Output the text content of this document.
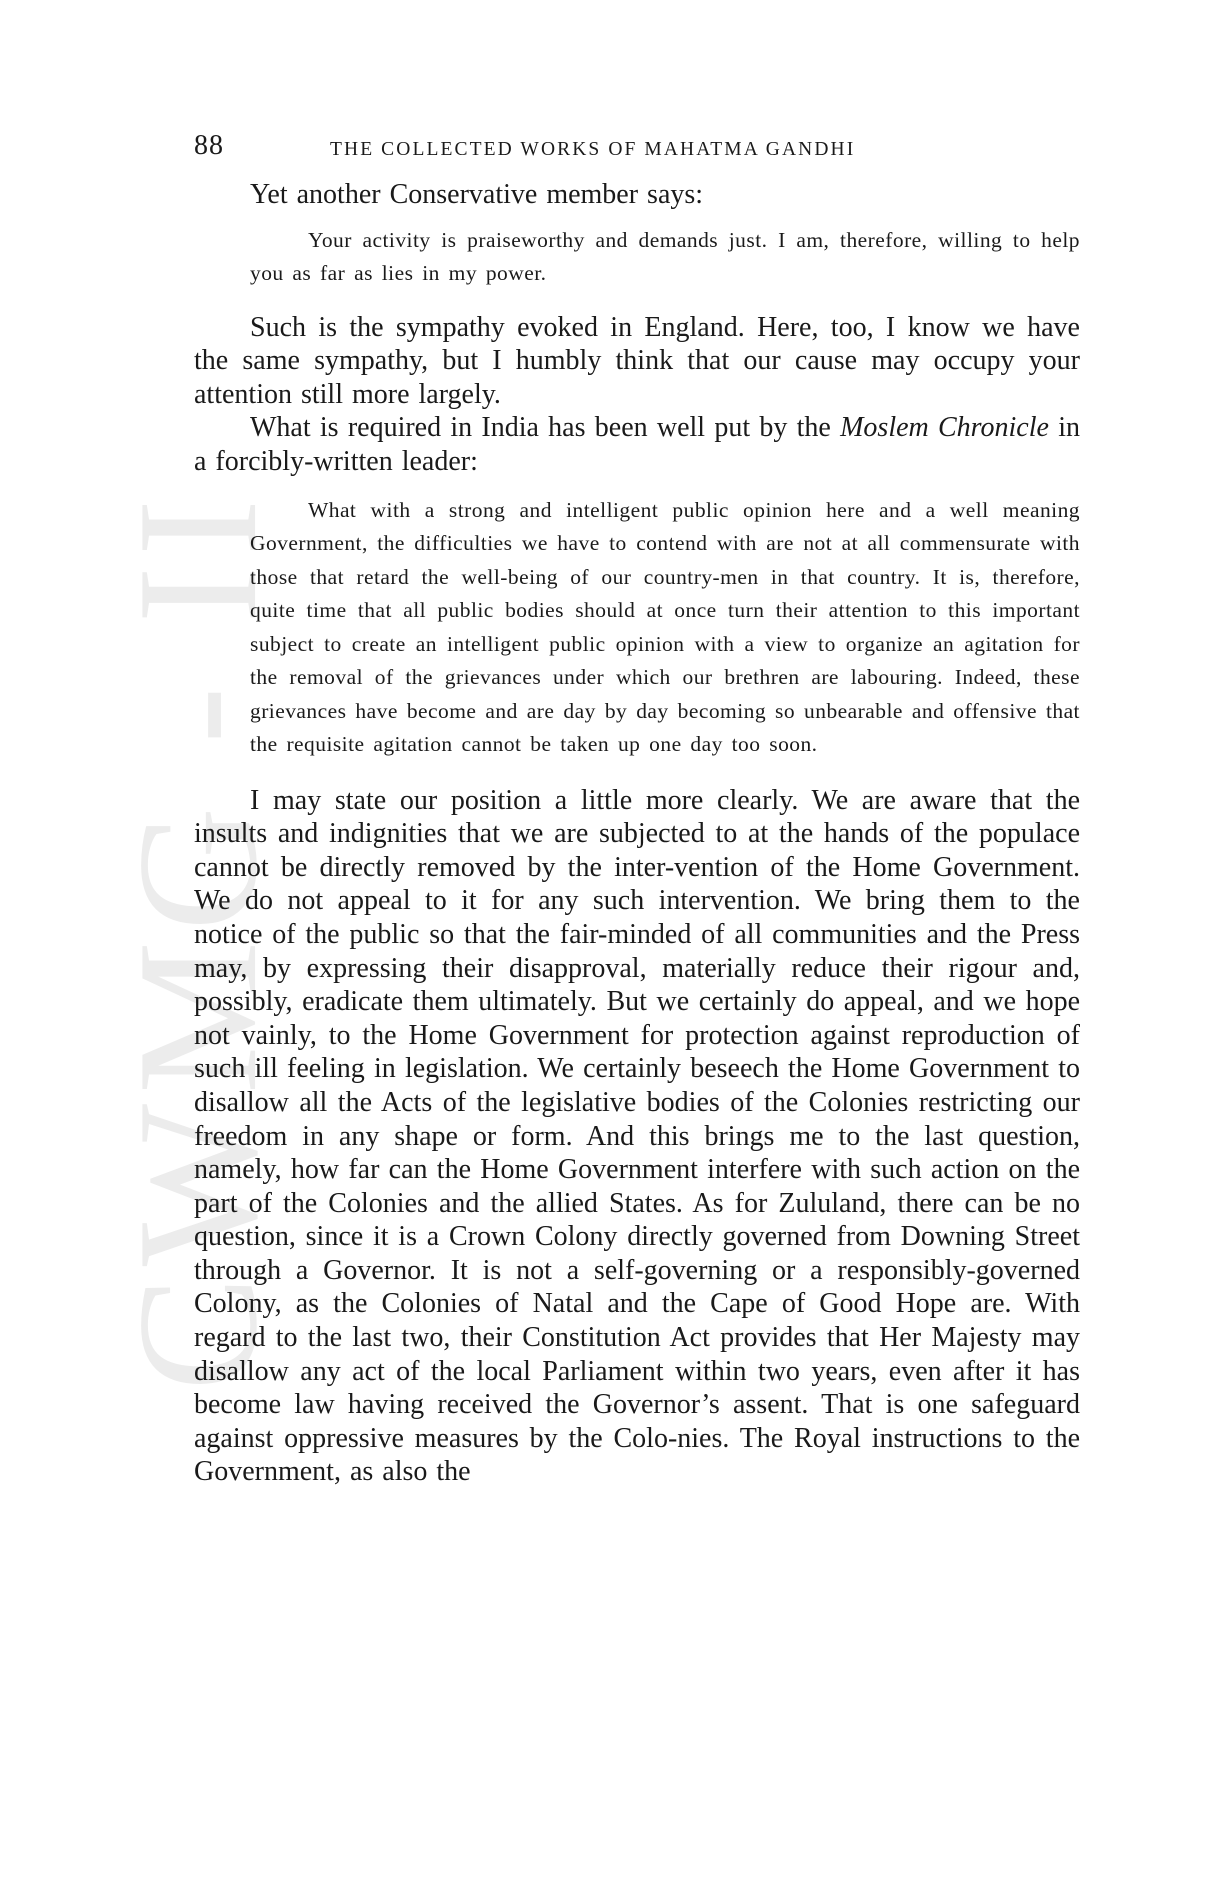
CWMG - II
88	THE COLLECTED WORKS OF MAHATMA GANDHI

Yet another Conservative member says:

Your activity is praiseworthy and demands just. I am, therefore, willing to help you as far as lies in my power.

Such is the sympathy evoked in England. Here, too, I know we have the same sympathy, but I humbly think that our cause may occupy your attention still more largely.

What is required in India has been well put by the Moslem Chronicle in a forcibly-written leader:

What with a strong and intelligent public opinion here and a well meaning Government, the difficulties we have to contend with are not at all commensurate with those that retard the well-being of our country-men in that country. It is, therefore, quite time that all public bodies should at once turn their attention to this important subject to create an intelligent public opinion with a view to organize an agitation for the removal of the grievances under which our brethren are labouring. Indeed, these grievances have become and are day by day becoming so unbearable and offensive that the requisite agitation cannot be taken up one day too soon.

I may state our position a little more clearly. We are aware that the insults and indignities that we are subjected to at the hands of the populace cannot be directly removed by the inter-vention of the Home Government. We do not appeal to it for any such intervention. We bring them to the notice of the public so that the fair-minded of all communities and the Press may, by expressing their disapproval, materially reduce their rigour and, possibly, eradicate them ultimately. But we certainly do appeal, and we hope not vainly, to the Home Government for protection against reproduction of such ill feeling in legislation. We certainly beseech the Home Government to disallow all the Acts of the legislative bodies of the Colonies restricting our freedom in any shape or form. And this brings me to the last question, namely, how far can the Home Government interfere with such action on the part of the Colonies and the allied States. As for Zululand, there can be no question, since it is a Crown Colony directly governed from Downing Street through a Governor. It is not a self-governing or a responsibly-governed Colony, as the Colonies of Natal and the Cape of Good Hope are. With regard to the last two, their Constitution Act provides that Her Majesty may disallow any act of the local Parliament within two years, even after it has become law having received the Governor’s assent. That is one safeguard against oppressive measures by the Colo-nies. The Royal instructions to the Government, as also the
